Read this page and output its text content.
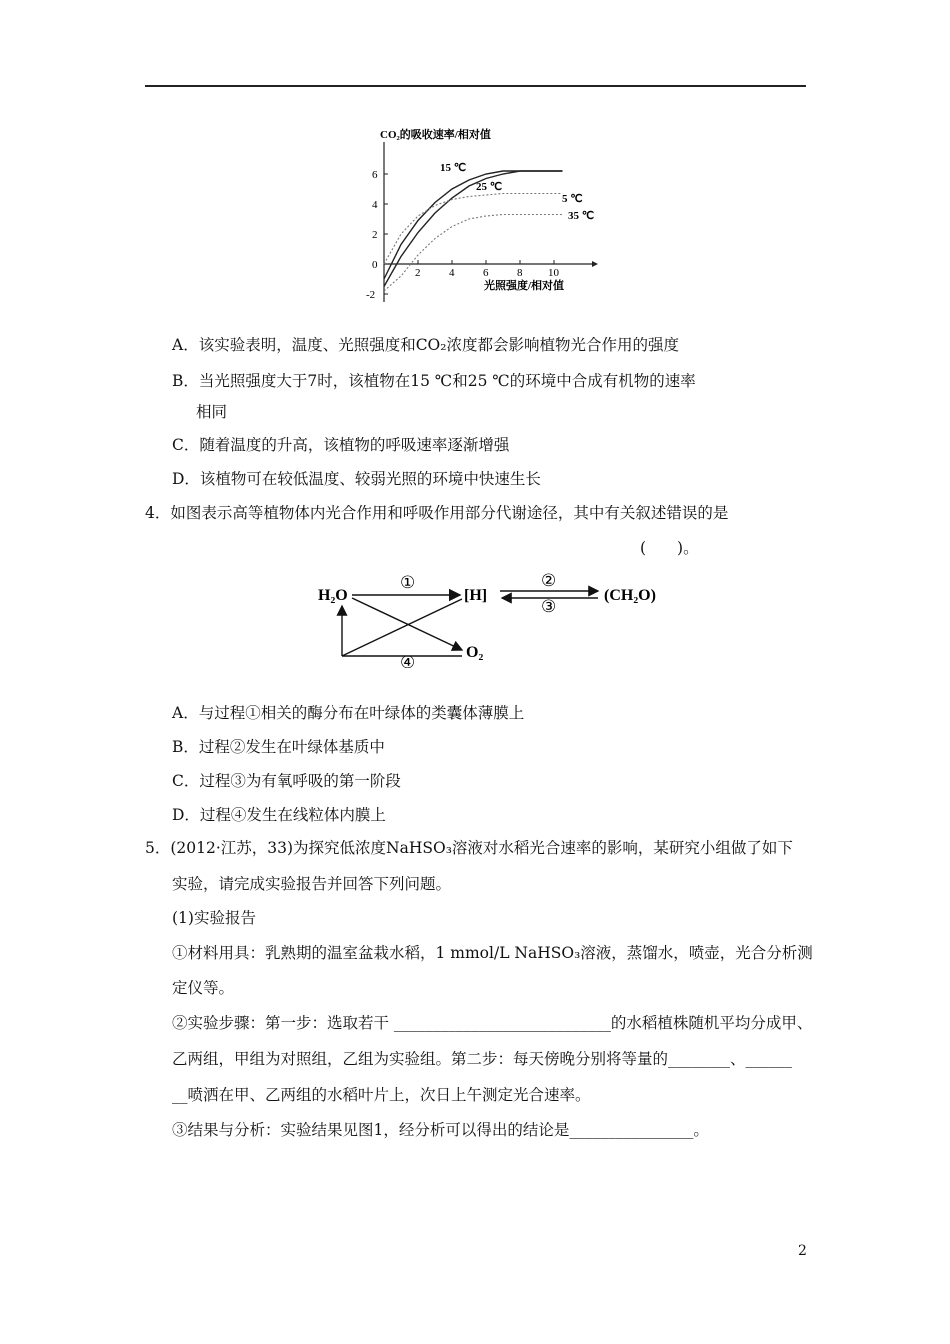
CO₂的吸收速率/相对值
光照强度/相对值
0
2	4	6	8 10
6
4
2
-2
15 ℃
25 ℃
5 ℃
35 ℃
A．该实验表明，温度、光照强度和CO₂浓度都会影响植物光合作用的强度
B．当光照强度大于7时，该植物在15 ℃和25 ℃的环境中合成有机物的速率
相同
C．随着温度的升高，该植物的呼吸速率逐渐增强
D．该植物可在较低温度、较弱光照的环境中快速生长
4．如图表示高等植物体内光合作用和呼吸作用部分代谢途径，其中有关叙述错误的是
(　　)。
H₂O	[H]	(CH₂O)
O₂
①	②
③
④
A．与过程①相关的酶分布在叶绿体的类囊体薄膜上
B．过程②发生在叶绿体基质中
C．过程③为有氧呼吸的第一阶段
D．过程④发生在线粒体内膜上
5．(2012·江苏，33)为探究低浓度NaHSO₃溶液对水稻光合速率的影响，某研究小组做了如下
实验，请完成实验报告并回答下列问题。
(1)实验报告
①材料用具：乳熟期的温室盆栽水稻，1 mmol/L NaHSO₃溶液，蒸馏水，喷壶，光合分析测
定仪等。
②实验步骤：第一步：选取若干 ____________________________的水稻植株随机平均分成甲、
乙两组，甲组为对照组，乙组为实验组。第二步：每天傍晚分别将等量的________、______
__喷洒在甲、乙两组的水稻叶片上，次日上午测定光合速率。
③结果与分析：实验结果见图1，经分析可以得出的结论是________________。
2
